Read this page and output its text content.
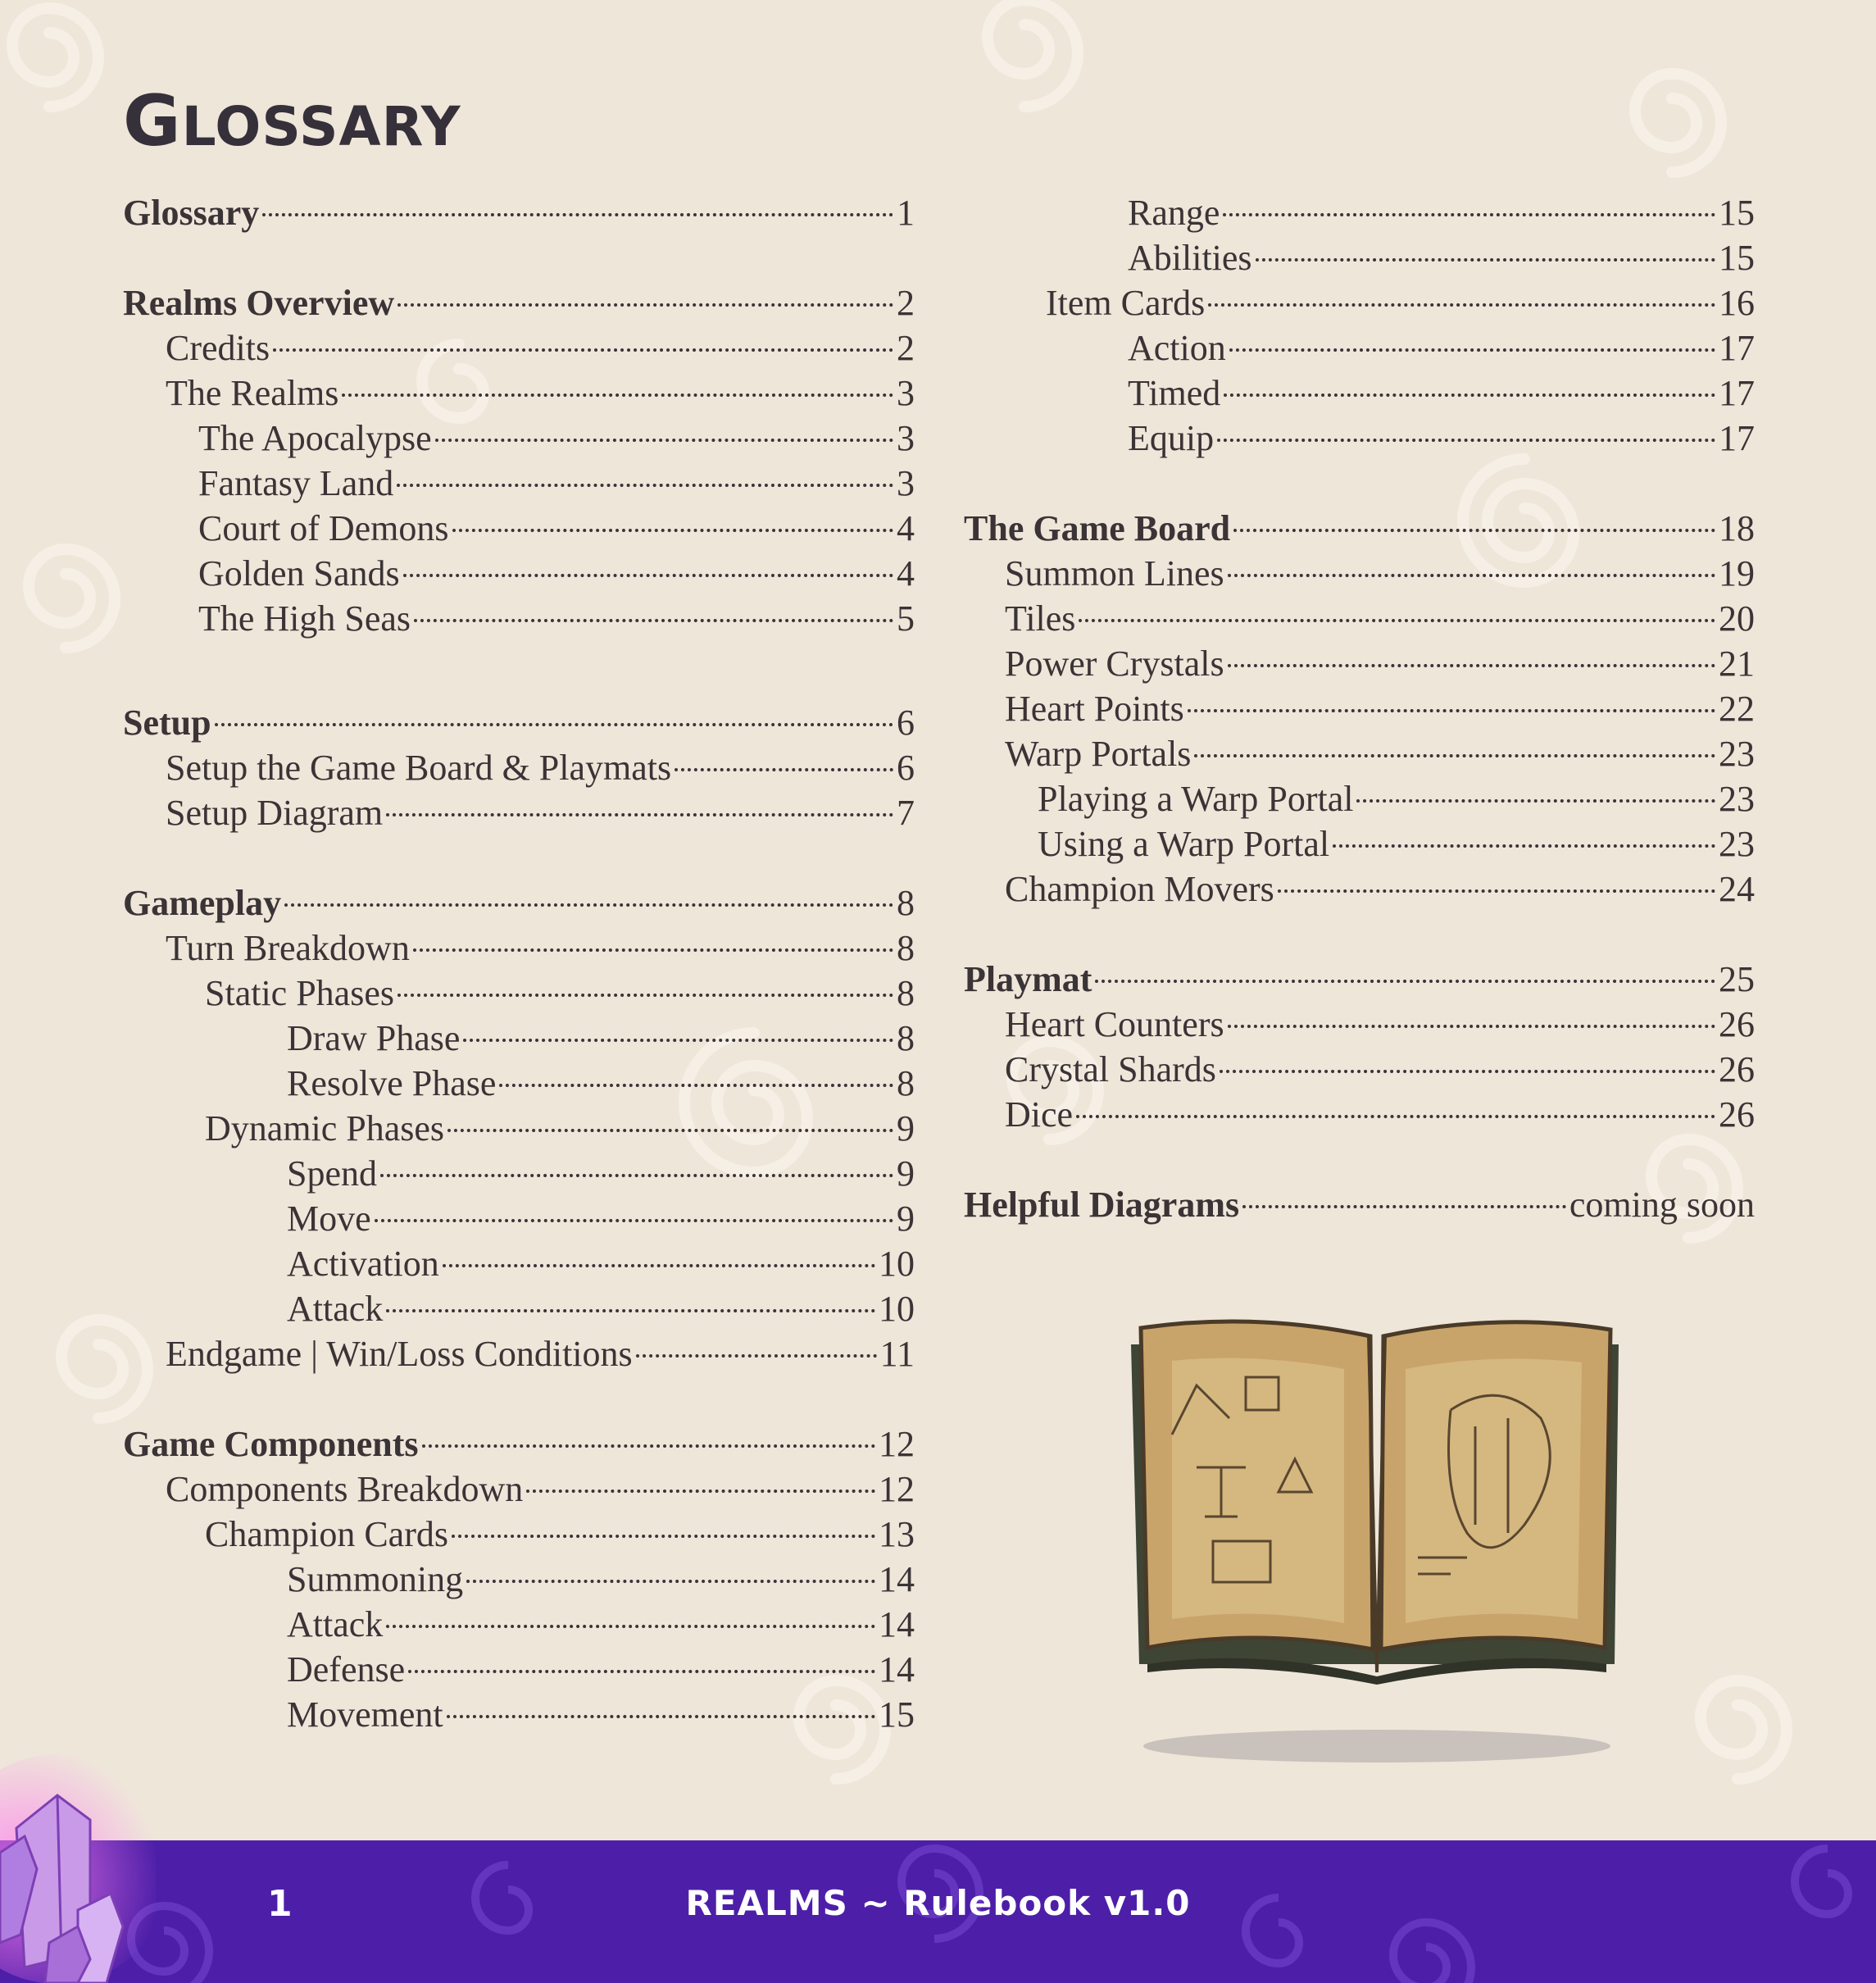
GLOSSARY
Glossary	1
Realms Overview	2
Credits	2
The Realms	3
The Apocalypse	3
Fantasy Land	3
Court of Demons	4
Golden Sands	4
The High Seas	5
Setup	6
Setup the Game Board & Playmats	6
Setup Diagram	7
Gameplay	8
Turn Breakdown	8
Static Phases	8
Draw Phase	8
Resolve Phase	8
Dynamic Phases	9
Spend	9
Move	9
Activation	10
Attack	10
Endgame | Win/Loss Conditions	11
Game Components	12
Components Breakdown	12
Champion Cards	13
Summoning	14
Attack	14
Defense	14
Movement	15
Range	15
Abilities	15
Item Cards	16
Action	17
Timed	17
Equip	17
The Game Board	18
Summon Lines	19
Tiles	20
Power Crystals	21
Heart Points	22
Warp Portals	23
Playing a Warp Portal	23
Using a Warp Portal	23
Champion Movers	24
Playmat	25
Heart Counters	26
Crystal Shards	26
Dice	26
Helpful Diagrams	coming soon
1	REALMS ~ Rulebook v1.0
